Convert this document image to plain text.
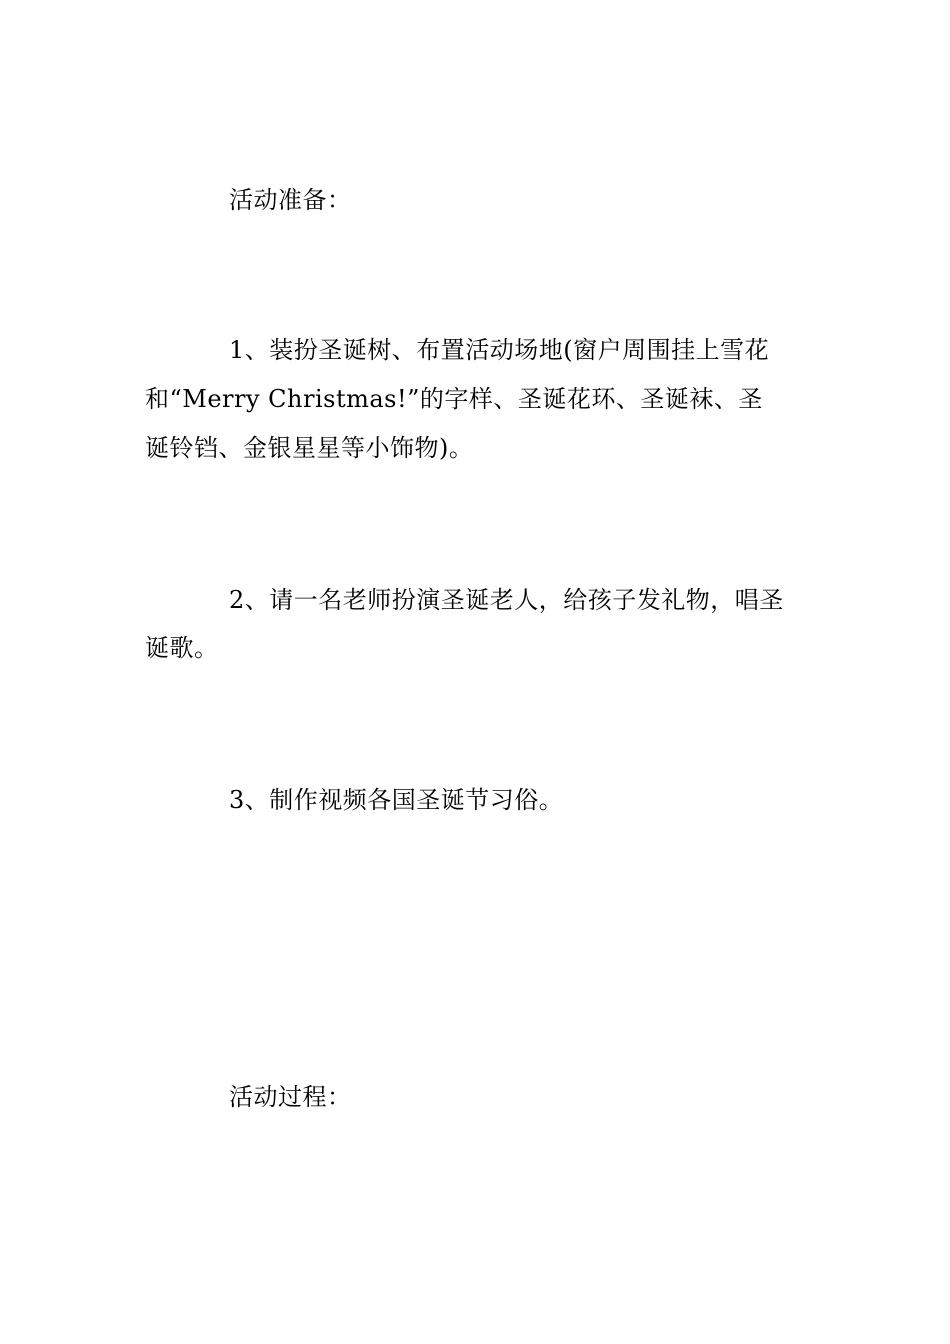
活动准备：
1、装扮圣诞树、布置活动场地(窗户周围挂上雪花
和“Merry Christmas!”的字样、圣诞花环、圣诞袜、圣
诞铃铛、金银星星等小饰物)。
2、请一名老师扮演圣诞老人，给孩子发礼物，唱圣
诞歌。
3、制作视频各国圣诞节习俗。
活动过程：
